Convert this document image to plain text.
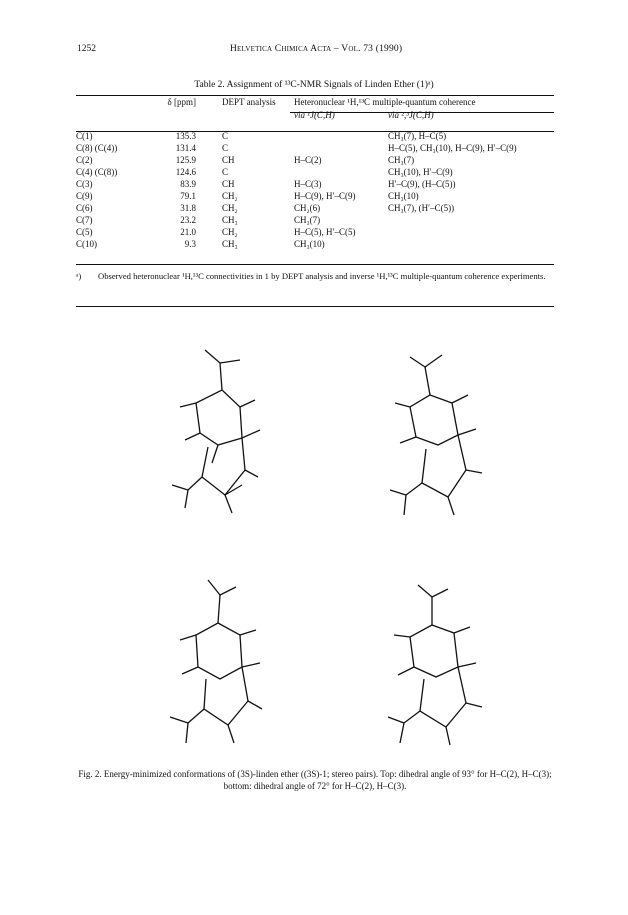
1252	Helvetica Chimica Acta – Vol. 73 (1990)
Table 2. Assignment of ¹³C-NMR Signals of Linden Ether (1)ᵃ)
	δ [ppm]	DEPT analysis	Heteronuclear ¹H,¹³C multiple-quantum coherence	
			via ¹J(C,H)	via ²,³J(C,H)
C(1)	135.3	C		CH₃(7), H–C(5)
C(8) (C(4))	131.4	C		H–C(5), CH₃(10), H–C(9), H′–C(9)
C(2)	125.9	CH	H–C(2)	CH₃(7)
C(4) (C(8))	124.6	C		CH₃(10), H′–C(9)
C(3)	83.9	CH	H–C(3)	H′–C(9), (H–C(5))
C(9)	79.1	CH₂	H–C(9), H′–C(9)	CH₃(10)
C(6)	31.8	CH₂	CH₂(6)	CH₃(7), (H′–C(5))
C(7)	23.2	CH₃	CH₃(7)	
C(5)	21.0	CH₂	H–C(5), H′–C(5)	
C(10)	9.3	CH₃	CH₃(10)	
ᵃ) Observed heteronuclear ¹H,¹³C connectivities in 1 by DEPT analysis and inverse ¹H,¹³C multiple-quantum coherence experiments.
Fig. 2. Energy-minimized conformations of (3S)-linden ether ((3S)-1; stereo pairs). Top: dihedral angle of 93° for H–C(2), H–C(3); bottom: dihedral angle of 72° for H–C(2), H–C(3).
